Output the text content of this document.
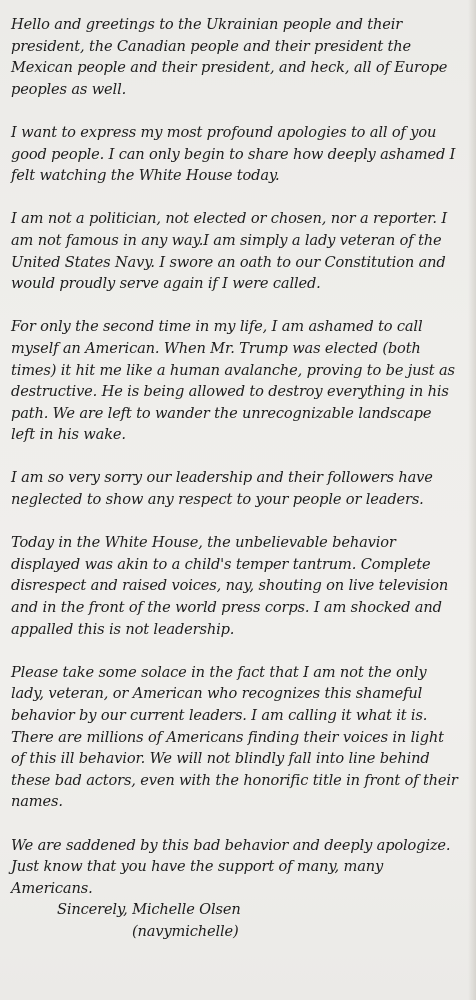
Hello and greetings to the Ukrainian people and their
president, the Canadian people and their president the
Mexican people and their president, and heck, all of Europe
peoples as well.

I want to express my most profound apologies to all of you
good people. I can only begin to share how deeply ashamed I
felt watching the White House today.

I am not a politician, not elected or chosen, nor a reporter. I
am not famous in any way.I am simply a lady veteran of the
United States Navy. I swore an oath to our Constitution and
would proudly serve again if I were called.

For only the second time in my life, I am ashamed to call
myself an American. When Mr. Trump was elected (both
times) it hit me like a human avalanche, proving to be just as
destructive. He is being allowed to destroy everything in his
path. We are left to wander the unrecognizable landscape
left in his wake.

I am so very sorry our leadership and their followers have
neglected to show any respect to your people or leaders.

Today in the White House, the unbelievable behavior
displayed was akin to a child's temper tantrum. Complete
disrespect and raised voices, nay, shouting on live television
and in the front of the world press corps. I am shocked and
appalled this is not leadership.

Please take some solace in the fact that I am not the only
lady, veteran, or American who recognizes this shameful
behavior by our current leaders. I am calling it what it is.
There are millions of Americans finding their voices in light
of this ill behavior. We will not blindly fall into line behind
these bad actors, even with the honorific title in front of their
names.

We are saddened by this bad behavior and deeply apologize.
Just know that you have the support of many, many
Americans.

Sincerely, Michelle Olsen
(navymichelle)
